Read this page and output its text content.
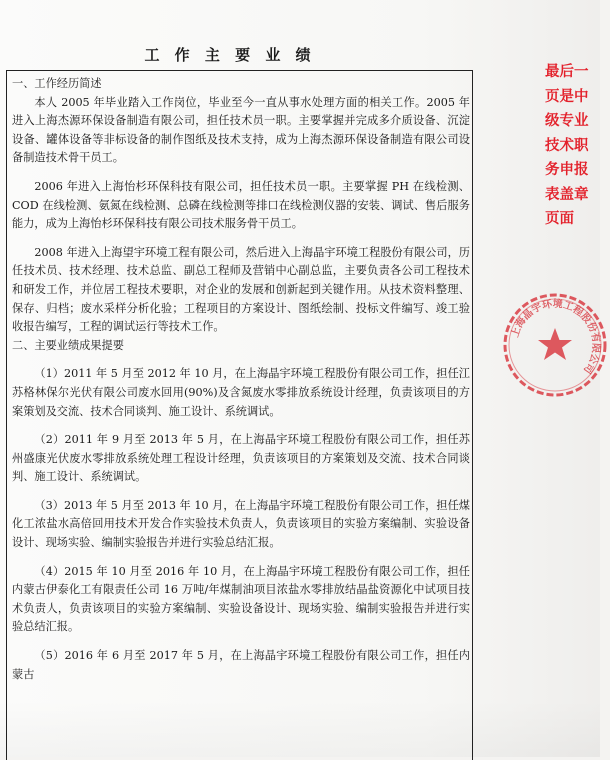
工 作 主 要 业 绩

一、工作经历简述

本人 2005 年毕业踏入工作岗位，毕业至今一直从事水处理方面的相关工作。2005 年进入上海杰源环保设备制造有限公司，担任技术员一职。主要掌握并完成多介质设备、沉淀设备、罐体设备等非标设备的制作图纸及技术支持，成为上海杰源环保设备制造有限公司设备制造技术骨干员工。

2006 年进入上海怡杉环保科技有限公司，担任技术员一职。主要掌握 PH 在线检测、COD 在线检测、氨氮在线检测、总磷在线检测等排口在线检测仪器的安装、调试、售后服务能力，成为上海怡杉环保科技有限公司技术服务骨干员工。

2008 年进入上海望宇环境工程有限公司，然后进入上海晶宇环境工程股份有限公司，历任技术员、技术经理、技术总监、副总工程师及营销中心副总监，主要负责各公司工程技术和研发工作，并位居工程技术要职，对企业的发展和创新起到关键作用。从技术资料整理、保存、归档；废水采样分析化验；工程项目的方案设计、图纸绘制、投标文件编写、竣工验收报告编写，工程的调试运行等技术工作。

二、主要业绩成果提要

（1）2011 年 5 月至 2012 年 10 月，在上海晶宇环境工程股份有限公司工作，担任江苏格林保尔光伏有限公司废水回用(90%)及含氮废水零排放系统设计经理，负责该项目的方案策划及交流、技术合同谈判、施工设计、系统调试。

（2）2011 年 9 月至 2013 年 5 月，在上海晶宇环境工程股份有限公司工作，担任苏州盛康光伏废水零排放系统处理工程设计经理，负责该项目的方案策划及交流、技术合同谈判、施工设计、系统调试。

（3）2013 年 5 月至 2013 年 10 月，在上海晶宇环境工程股份有限公司工作，担任煤化工浓盐水高倍回用技术开发合作实验技术负责人，负责该项目的实验方案编制、实验设备设计、现场实验、编制实验报告并进行实验总结汇报。

（4）2015 年 10 月至 2016 年 10 月，在上海晶宇环境工程股份有限公司工作，担任内蒙古伊泰化工有限责任公司 16 万吨/年煤制油项目浓盐水零排放结晶盐资源化中试项目技术负责人，负责该项目的实验方案编制、实验设备设计、现场实验、编制实验报告并进行实验总结汇报。

（5）2016 年 6 月至 2017 年 5 月，在上海晶宇环境工程股份有限公司工作，担任内蒙古

最后一
页是中
级专业
技术职
务申报
表盖章
页面
上海晶宇环境工程股份有限公司
